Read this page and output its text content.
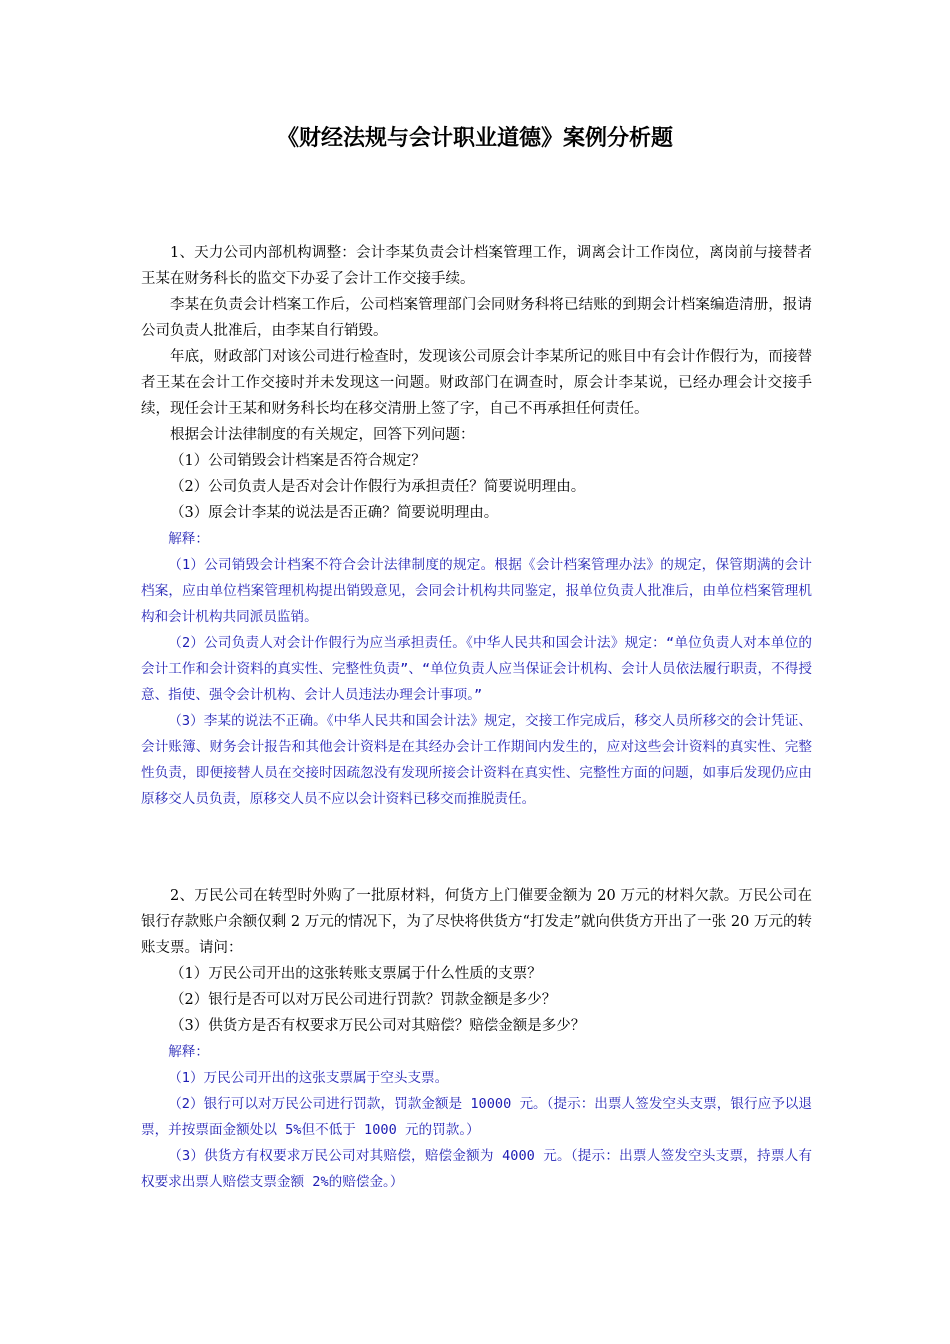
《财经法规与会计职业道德》案例分析题

1、天力公司内部机构调整：会计李某负责会计档案管理工作，调离会计工作岗位，离岗前与接替者王某在财务科长的监交下办妥了会计工作交接手续。

李某在负责会计档案工作后，公司档案管理部门会同财务科将已结账的到期会计档案编造清册，报请公司负责人批准后，由李某自行销毁。

年底，财政部门对该公司进行检查时，发现该公司原会计李某所记的账目中有会计作假行为，而接替者王某在会计工作交接时并未发现这一问题。财政部门在调查时，原会计李某说，已经办理会计交接手续，现任会计王某和财务科长均在移交清册上签了字，自己不再承担任何责任。

根据会计法律制度的有关规定，回答下列问题：

（1）公司销毁会计档案是否符合规定？

（2）公司负责人是否对会计作假行为承担责任？简要说明理由。

（3）原会计李某的说法是否正确？简要说明理由。

解释：

（1）公司销毁会计档案不符合会计法律制度的规定。根据《会计档案管理办法》的规定，保管期满的会计档案，应由单位档案管理机构提出销毁意见，会同会计机构共同鉴定，报单位负责人批准后，由单位档案管理机构和会计机构共同派员监销。

（2）公司负责人对会计作假行为应当承担责任。《中华人民共和国会计法》规定：“单位负责人对本单位的会计工作和会计资料的真实性、完整性负责”、“单位负责人应当保证会计机构、会计人员依法履行职责，不得授意、指使、强令会计机构、会计人员违法办理会计事项。”

（3）李某的说法不正确。《中华人民共和国会计法》规定，交接工作完成后，移交人员所移交的会计凭证、会计账簿、财务会计报告和其他会计资料是在其经办会计工作期间内发生的，应对这些会计资料的真实性、完整性负责，即便接替人员在交接时因疏忽没有发现所接会计资料在真实性、完整性方面的问题，如事后发现仍应由原移交人员负责，原移交人员不应以会计资料已移交而推脱责任。

2、万民公司在转型时外购了一批原材料，何货方上门催要金额为 20 万元的材料欠款。万民公司在银行存款账户余额仅剩 2 万元的情况下，为了尽快将供货方“打发走”就向供货方开出了一张 20 万元的转账支票。请问：

（1）万民公司开出的这张转账支票属于什么性质的支票？

（2）银行是否可以对万民公司进行罚款？罚款金额是多少？

（3）供货方是否有权要求万民公司对其赔偿？赔偿金额是多少？

解释：

（1）万民公司开出的这张支票属于空头支票。

（2）银行可以对万民公司进行罚款，罚款金额是 10000 元。（提示：出票人签发空头支票，银行应予以退票，并按票面金额处以 5%但不低于 1000 元的罚款。）

（3）供货方有权要求万民公司对其赔偿，赔偿金额为 4000 元。（提示：出票人签发空头支票，持票人有权要求出票人赔偿支票金额 2%的赔偿金。）
